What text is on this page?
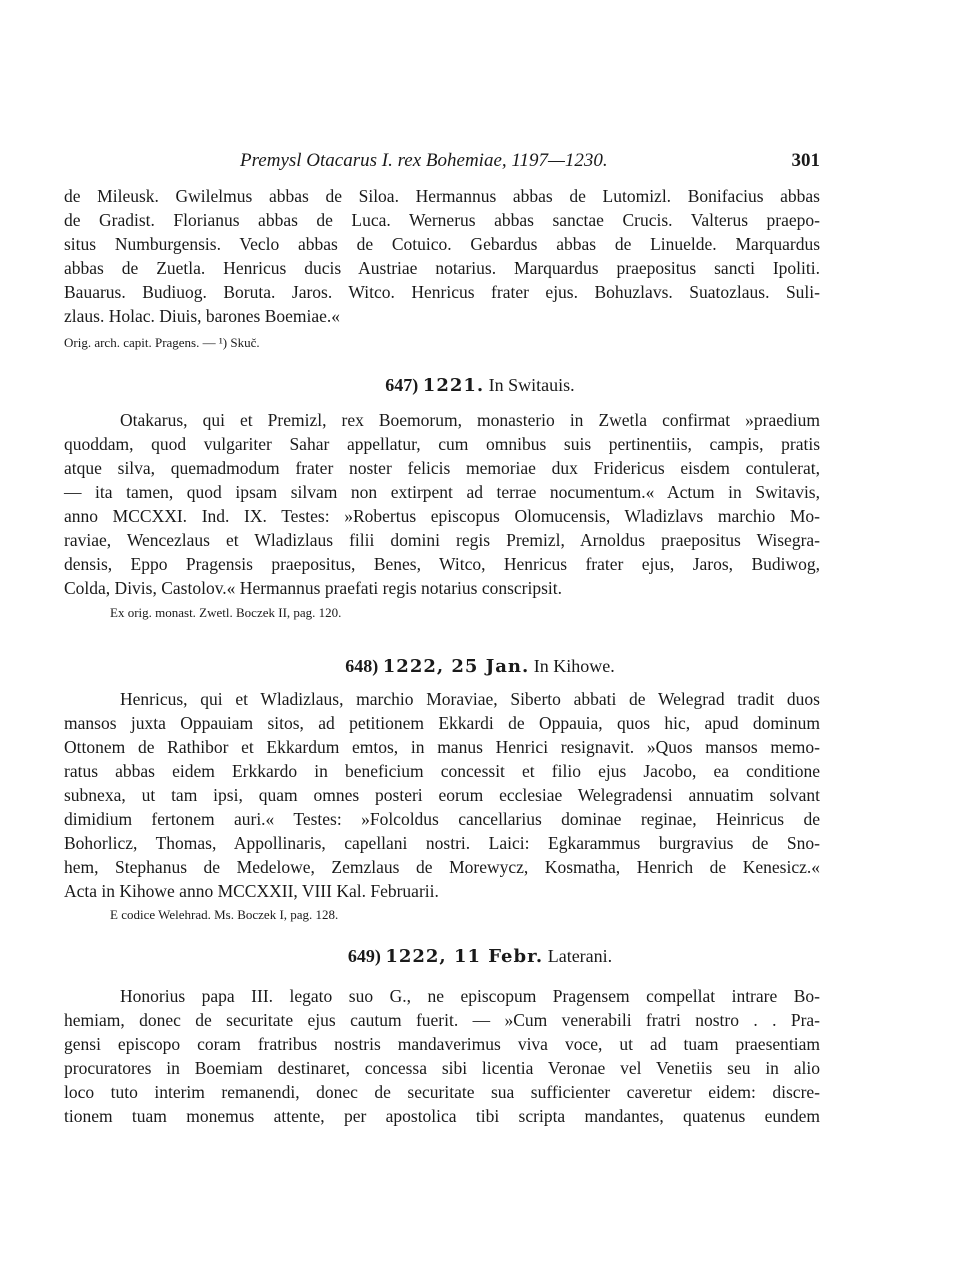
Premysl Otacarus I. rex Bohemiae, 1197—1230.	301
de Mileusk. Gwilelmus abbas de Siloa. Hermannus abbas de Lutomizl. Bonifacius abbas
de Gradist. Florianus abbas de Luca. Wernerus abbas sanctae Crucis. Valterus praepo-
situs Numburgensis. Veclo abbas de Cotuico. Gebardus abbas de Linuelde. Marquardus
abbas de Zuetla. Henricus ducis Austriae notarius. Marquardus praepositus sancti Ipoliti.
Bauarus. Budiuog. Boruta. Jaros. Witco. Henricus frater ejus. Bohuzlavs. Suatozlaus. Suli-
zlaus. Holac. Diuis, barones Boemiae.«
Orig. arch. capit. Pragens. — ¹) Skuč.
647) 1221. In Switauis.
Otakarus, qui et Premizl, rex Boemorum, monasterio in Zwetla confirmat »praedium
quoddam, quod vulgariter Sahar appellatur, cum omnibus suis pertinentiis, campis, pratis
atque silva, quemadmodum frater noster felicis memoriae dux Fridericus eisdem contulerat,
— ita tamen, quod ipsam silvam non extirpent ad terrae nocumentum.« Actum in Switavis,
anno MCCXXI. Ind. IX. Testes: »Robertus episcopus Olomucensis, Wladizlavs marchio Mo-
raviae, Wencezlaus et Wladizlaus filii domini regis Premizl, Arnoldus praepositus Wisegra-
densis, Eppo Pragensis praepositus, Benes, Witco, Henricus frater ejus, Jaros, Budiwog,
Colda, Divis, Castolov.« Hermannus praefati regis notarius conscripsit.
Ex orig. monast. Zwetl. Boczek II, pag. 120.
648) 1222, 25 Jan. In Kihowe.
Henricus, qui et Wladizlaus, marchio Moraviae, Siberto abbati de Welegrad tradit duos
mansos juxta Oppauiam sitos, ad petitionem Ekkardi de Oppauia, quos hic, apud dominum
Ottonem de Rathibor et Ekkardum emtos, in manus Henrici resignavit. »Quos mansos memo-
ratus abbas eidem Erkkardo in beneficium concessit et filio ejus Jacobo, ea conditione
subnexa, ut tam ipsi, quam omnes posteri eorum ecclesiae Welegradensi annuatim solvant
dimidium fertonem auri.« Testes: »Folcoldus cancellarius dominae reginae, Heinricus de
Bohorlicz, Thomas, Appollinaris, capellani nostri. Laici: Egkarammus burgravius de Sno-
hem, Stephanus de Medelowe, Zemzlaus de Morewycz, Kosmatha, Henrich de Kenesicz.«
Acta in Kihowe anno MCCXXII, VIII Kal. Februarii.
E codice Welehrad. Ms. Boczek I, pag. 128.
649) 1222, 11 Febr. Laterani.
Honorius papa III. legato suo G., ne episcopum Pragensem compellat intrare Bo-
hemiam, donec de securitate ejus cautum fuerit. — »Cum venerabili fratri nostro . . Pra-
gensi episcopo coram fratribus nostris mandaverimus viva voce, ut ad tuam praesentiam
procuratores in Boemiam destinaret, concessa sibi licentia Veronae vel Venetiis seu in alio
loco tuto interim remanendi, donec de securitate sua sufficienter caveretur eidem: discre-
tionem tuam monemus attente, per apostolica tibi scripta mandantes, quatenus eundem
